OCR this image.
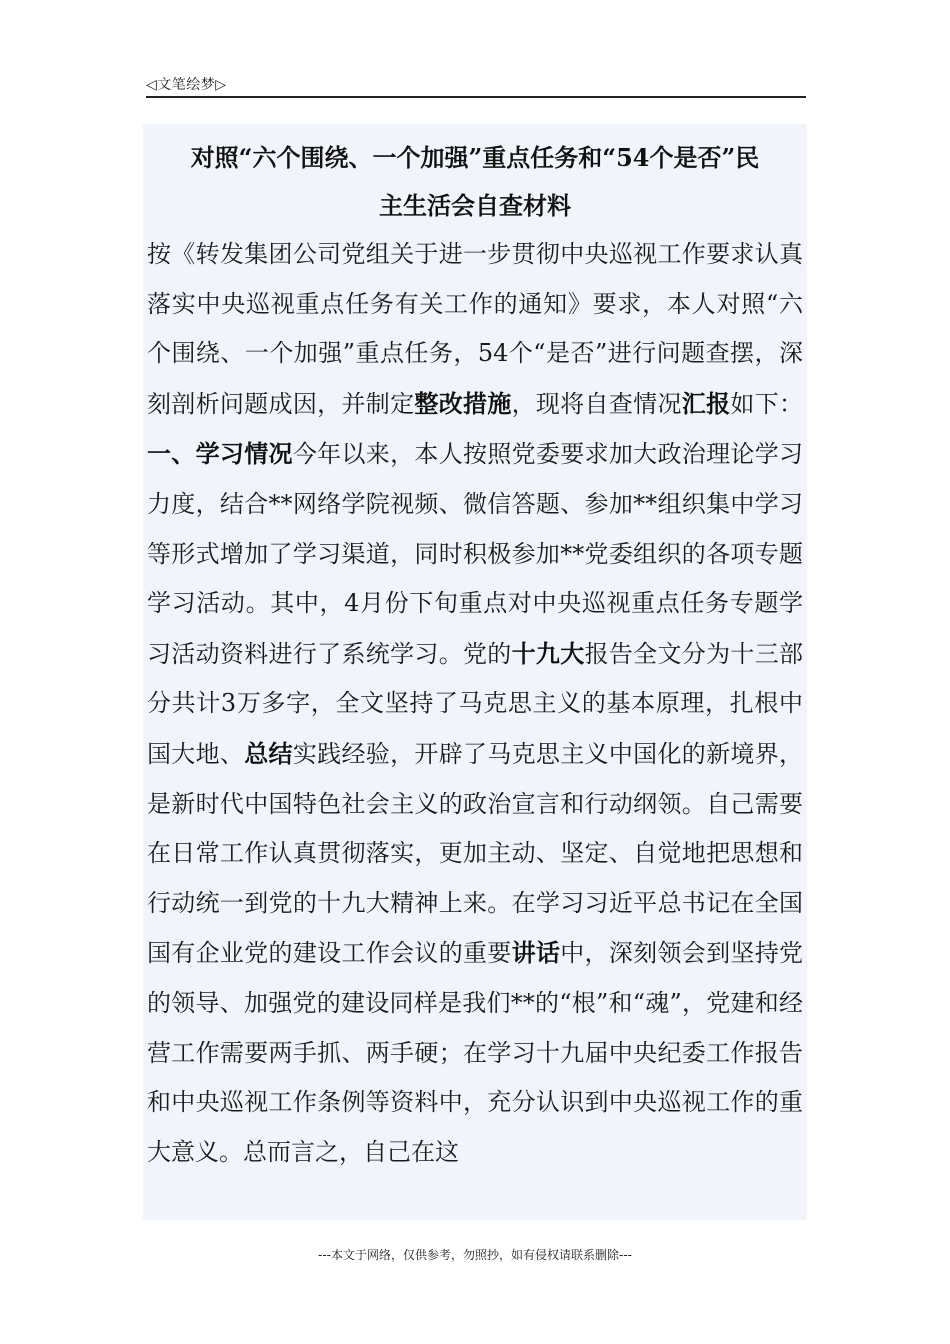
◁文笔绘梦▷
对照“六个围绕、一个加强”重点任务和“54个是否”民
主生活会自查材料

按《转发集团公司党组关于进一步贯彻中央巡视工作要求认真落实中央巡视重点任务有关工作的通知》要求，本人对照“六个围绕、一个加强”重点任务，54个“是否”进行问题查摆，深刻剖析问题成因，并制定整改措施，现将自查情况汇报如下：一、学习情况今年以来，本人按照党委要求加大政治理论学习力度，结合**网络学院视频、微信答题、参加**组织集中学习等形式增加了学习渠道，同时积极参加**党委组织的各项专题学习活动。其中，4月份下旬重点对中央巡视重点任务专题学习活动资料进行了系统学习。党的十九大报告全文分为十三部分共计3万多字，全文坚持了马克思主义的基本原理，扎根中国大地、总结实践经验，开辟了马克思主义中国化的新境界，是新时代中国特色社会主义的政治宣言和行动纲领。自己需要在日常工作认真贯彻落实，更加主动、坚定、自觉地把思想和行动统一到党的十九大精神上来。在学习习近平总书记在全国国有企业党的建设工作会议的重要讲话中，深刻领会到坚持党的领导、加强党的建设同样是我们**的“根”和“魂”，党建和经营工作需要两手抓、两手硬；在学习十九届中央纪委工作报告和中央巡视工作条例等资料中，充分认识到中央巡视工作的重大意义。总而言之，自己在这

---本文于网络，仅供参考，勿照抄，如有侵权请联系删除---
